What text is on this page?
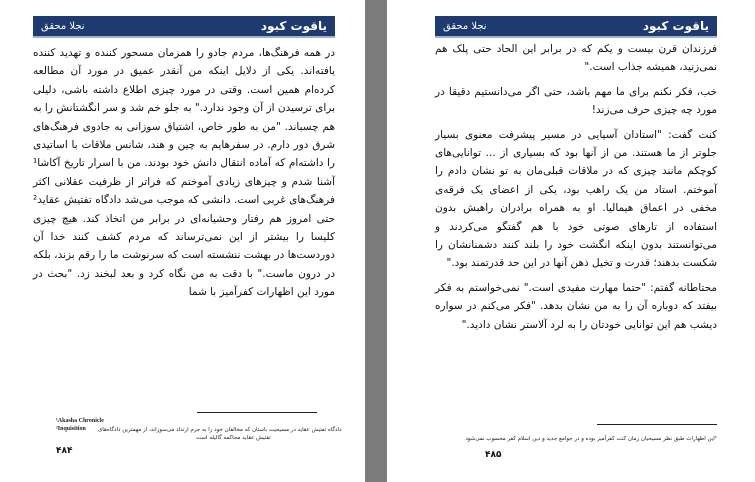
یاقوت کبود
نجلا محقق

در همه فرهنگ‌ها، مردم جادو را همزمان مسحور کننده و تهدید کننده یافته‌اند. یکی از دلایل اینکه من آنقدر عمیق در مورد آن مطالعه کرده‌ام همین است. وقتی در مورد چیزی اطلاع داشته باشی، دلیلی برای ترسیدن از آن وجود ندارد." به جلو خم شد و سر انگشتانش را به هم چسباند. "من به طور خاص، اشتیاق سوزانی به جادوی فرهنگ‌های شرق دور دارم. در سفرهایم به چین و هند، شانس ملاقات با اساتیدی را داشته‌ام که آماده انتقال دانش خود بودند. من با اسرار تاریخ آکاشا¹ آشنا شدم و چیزهای زیادی آموختم که فراتر از ظرفیت عقلانی اکثر فرهنگ‌های غربی است. دانشی که موجب می‌شد دادگاه تفتیش عقاید² حتی امروز هم رفتار وحشیانه‌ای در برابر من اتخاذ کند. هیچ چیزی کلیسا را بیشتر از این نمی‌ترساند که مردم کشف کنند خدا آن دوردست‌ها در بهشت ننشسته است که سرنوشت ما را رقم بزند، بلکه در درون ماست." با دقت به من نگاه کرد و بعد لبخند زد. "بحث در مورد این اظهارات کفرآمیز با شما

¹Akasha Chronicle
²Inquisition دادگاه تفتیش عقاید در مسیحیت باستان که مخالفان خود را به جرم ارتداد می‌سوزاند، از مهمترین دادگاه‌های
تفتیش عقاید محاکمه گالیله است
۴۸۴
یاقوت کبود
نجلا محقق

فرزندان قرن بیست و یکم که در برابر این الحاد حتی پلک هم نمی‌زنید، همیشه جذاب است."

خب، فکر نکنم برای ما مهم باشد، حتی اگر می‌دانستیم دقیقا در مورد چه چیزی حرف می‌زند!

کنت گفت: "استادان آسیایی در مسیر پیشرفت معنوی بسیار جلوتر از ما هستند. من از آنها بود که بسیاری از ... توانایی‌های کوچکم مانند چیزی که در ملاقات قبلی‌مان به تو نشان دادم را آموختم. استاد من یک راهب بود، یکی از اعضای یک فرقه‌ی مخفی در اعماق هیمالیا. او به همراه برادران راهبش بدون استفاده از تارهای صوتی خود با هم گفتگو می‌کردند و می‌توانستند بدون اینکه انگشت خود را بلند کنند دشمنانشان را شکست بدهند؛ قدرت و تخیل ذهن آنها در این حد قدرتمند بود."

محتاطانه گفتم: "حتما مهارت مفیدی است." نمی‌خواستم به فکر بیفتد که دوباره آن را به من نشان بدهد. "فکر می‌کنم در سواره دیشب هم این توانایی خودتان را به لرد آلاستر نشان دادید."

¹این اظهارات طبق نظر مسیحیان زمان کنت کفرآمیز بوده و در جوامع جدید و دین اسلام کفر محسوب نمی‌شود
۴۸۵
